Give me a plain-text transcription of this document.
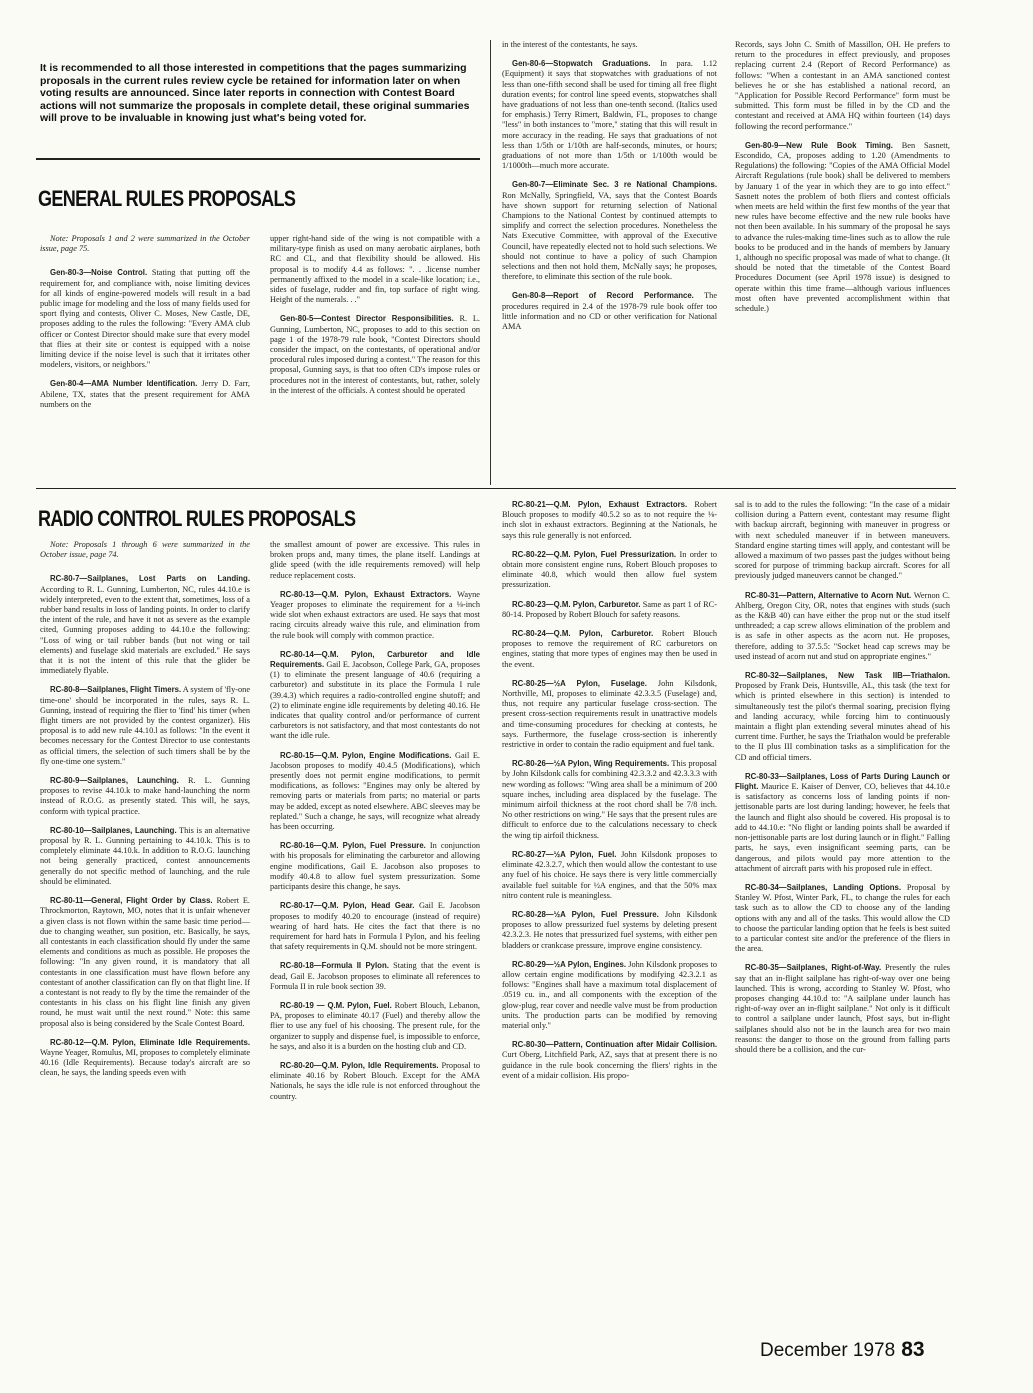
It is recommended to all those interested in competitions that the pages summarizing proposals in the current rules review cycle be retained for information later on when voting results are announced. Since later reports in connection with Contest Board actions will not summarize the proposals in complete detail, these original summaries will prove to be invaluable in knowing just what's being voted for.
GENERAL RULES PROPOSALS

Note: Proposals 1 and 2 were summarized in the October issue, page 75.

Gen-80-3—Noise Control. Stating that putting off the requirement for, and compliance with, noise limiting devices for all kinds of engine-powered models will result in a bad public image for modeling and the loss of many fields used for sport flying and contests, Oliver C. Moses, New Castle, DE, proposes adding to the rules the following: "Every AMA club officer or Contest Director should make sure that every model that flies at their site or contest is equipped with a noise limiting device if the noise level is such that it irritates other modelers, visitors, or neighbors."

Gen-80-4—AMA Number Identification. Jerry D. Farr, Abilene, TX, states that the present requirement for AMA numbers on the

upper right-hand side of the wing is not compatible with a military-type finish as used on many aerobatic airplanes, both RC and CL, and that flexibility should be allowed. His proposal is to modify 4.4 as follows: ". . .license number permanently affixed to the model in a scale-like location; i.e., sides of fuselage, rudder and fin, top surface of right wing. Height of the numerals. . ."

Gen-80-5—Contest Director Responsibilities. R. L. Gunning, Lumberton, NC, proposes to add to this section on page 1 of the 1978-79 rule book, "Contest Directors should consider the impact, on the contestants, of operational and/or procedural rules imposed during a contest." The reason for this proposal, Gunning says, is that too often CD's impose rules or procedures not in the interest of contestants, but, rather, solely in the interest of the officials. A contest should be operated

in the interest of the contestants, he says.

Gen-80-6—Stopwatch Graduations. In para. 1.12 (Equipment) it says that stopwatches with graduations of not less than one-fifth second shall be used for timing all free flight duration events; for control line speed events, stopwatches shall have graduations of not less than one-tenth second. (Italics used for emphasis.) Terry Rimert, Baldwin, FL, proposes to change "less" in both instances to "more," stating that this will result in more accuracy in the reading. He says that graduations of not less than 1/5th or 1/10th are half-seconds, minutes, or hours; graduations of not more than 1/5th or 1/100th would be 1/1000th—much more accurate.

Gen-80-7—Eliminate Sec. 3 re National Champions. Ron McNally, Springfield, VA, says that the Contest Boards have shown support for returning selection of National Champions to the National Contest by continued attempts to simplify and correct the selection procedures. Nonetheless the Nats Executive Committee, with approval of the Executive Council, have repeatedly elected not to hold such selections. We should not continue to have a policy of such Champion selections and then not hold them, McNally says; he proposes, therefore, to eliminate this section of the rule book.

Gen-80-8—Report of Record Performance. The procedures required in 2.4 of the 1978-79 rule book offer too little information and no CD or other verification for National AMA

Records, says John C. Smith of Massillon, OH. He prefers to return to the procedures in effect previously, and proposes replacing current 2.4 (Report of Record Performance) as follows: "When a contestant in an AMA sanctioned contest believes he or she has established a national record, an "Application for Possible Record Performance" form must be submitted. This form must be filled in by the CD and the contestant and received at AMA HQ within fourteen (14) days following the record performance."

Gen-80-9—New Rule Book Timing. Ben Sasnett, Escondido, CA, proposes adding to 1.20 (Amendments to Regulations) the following: "Copies of the AMA Official Model Aircraft Regulations (rule book) shall be delivered to members by January 1 of the year in which they are to go into effect." Sasnett notes the problem of both fliers and contest officials when meets are held within the first few months of the year that new rules have become effective and the new rule books have not then been available. In his summary of the proposal he says to advance the rules-making time-lines such as to allow the rule books to be produced and in the hands of members by January 1, although no specific proposal was made of what to change. (It should be noted that the timetable of the Contest Board Procedures Document (see April 1978 issue) is designed to operate within this time frame—although various influences most often have prevented accomplishment within that schedule.)

RADIO CONTROL RULES PROPOSALS

Note: Proposals 1 through 6 were summarized in the October issue, page 74.

RC-80-7—Sailplanes, Lost Parts on Landing. According to R. L. Gunning, Lumberton, NC, rules 44.10.e is widely interpreted, even to the extent that, sometimes, loss of a rubber band results in loss of landing points. In order to clarify the intent of the rule, and have it not as severe as the example cited, Gunning proposes adding to 44.10.e the following: "Loss of wing or tail rubber bands (but not wing or tail elements) and fuselage skid materials are excluded." He says that it is not the intent of this rule that the glider be immediately flyable.

RC-80-8—Sailplanes, Flight Timers. A system of 'fly-one time-one' should be incorporated in the rules, says R. L. Gunning, instead of requiring the flier to 'find' his timer (when flight timers are not provided by the contest organizer). His proposal is to add new rule 44.10.l as follows: "In the event it becomes necessary for the Contest Director to use contestants as official timers, the selection of such timers shall be by the fly one-time one system."

RC-80-9—Sailplanes, Launching. R. L. Gunning proposes to revise 44.10.k to make hand-launching the norm instead of R.O.G. as presently stated. This will, he says, conform with typical practice.

RC-80-10—Sailplanes, Launching. This is an alternative proposal by R. L. Gunning pertaining to 44.10.k. This is to completely eliminate 44.10.k. In addition to R.O.G. launching not being generally practiced, contest announcements generally do not specific method of launching, and the rule should be eliminated.

RC-80-11—General, Flight Order by Class. Robert E. Throckmorton, Raytown, MO, notes that it is unfair whenever a given class is not flown within the same basic time period—due to changing weather, sun position, etc. Basically, he says, all contestants in each classification should fly under the same elements and conditions as much as possible. He proposes the following: "In any given round, it is mandatory that all contestants in one classification must have flown before any contestant of another classification can fly on that flight line. If a contestant is not ready to fly by the time the remainder of the contestants in his class on his flight line finish any given round, he must wait until the next round." Note: this same proposal also is being considered by the Scale Contest Board.

RC-80-12—Q.M. Pylon, Eliminate Idle Requirements. Wayne Yeager, Romulus, MI, proposes to completely eliminate 40.16 (Idle Requirements). Because today's aircraft are so clean, he says, the landing speeds even with

the smallest amount of power are excessive. This rules in broken props and, many times, the plane itself. Landings at glide speed (with the idle requirements removed) will help reduce replacement costs.

RC-80-13—Q.M. Pylon, Exhaust Extractors. Wayne Yeager proposes to eliminate the requirement for a ⅛-inch wide slot when exhaust extractors are used. He says that most racing circuits already waive this rule, and elimination from the rule book will comply with common practice.

RC-80-14—Q.M. Pylon, Carburetor and Idle Requirements. Gail E. Jacobson, College Park, GA, proposes (1) to eliminate the present language of 40.6 (requiring a carburetor) and substitute in its place the Formula I rule (39.4.3) which requires a radio-controlled engine shutoff; and (2) to eliminate engine idle requirements by deleting 40.16. He indicates that quality control and/or performance of current carburetors is not satisfactory, and that most contestants do not want the idle rule.

RC-80-15—Q.M. Pylon, Engine Modifications. Gail E. Jacobson proposes to modify 40.4.5 (Modifications), which presently does not permit engine modifications, to permit modifications, as follows: "Engines may only be altered by removing parts or materials from parts; no material or parts may be added, except as noted elsewhere. ABC sleeves may be replated." Such a change, he says, will recognize what already has been occurring.

RC-80-16—Q.M. Pylon, Fuel Pressure. In conjunction with his proposals for eliminating the carburetor and allowing engine modifications, Gail E. Jacobson also proposes to modify 40.4.8 to allow fuel system pressurization. Some participants desire this change, he says.

RC-80-17—Q.M. Pylon, Head Gear. Gail E. Jacobson proposes to modify 40.20 to encourage (instead of require) wearing of hard hats. He cites the fact that there is no requirement for hard hats in Formula I Pylon, and his feeling that safety requirements in Q.M. should not be more stringent.

RC-80-18—Formula II Pylon. Stating that the event is dead, Gail E. Jacobson proposes to eliminate all references to Formula II in rule book section 39.

RC-80-19 — Q.M. Pylon, Fuel. Robert Blouch, Lebanon, PA, proposes to eliminate 40.17 (Fuel) and thereby allow the flier to use any fuel of his choosing. The present rule, for the organizer to supply and dispense fuel, is impossible to enforce, he says, and also it is a burden on the hosting club and CD.

RC-80-20—Q.M. Pylon, Idle Requirements. Proposal to eliminate 40.16 by Robert Blouch. Except for the AMA Nationals, he says the idle rule is not enforced throughout the country.

RC-80-21—Q.M. Pylon, Exhaust Extractors. Robert Blouch proposes to modify 40.5.2 so as to not require the ⅛-inch slot in exhaust extractors. Beginning at the Nationals, he says this rule generally is not enforced.

RC-80-22—Q.M. Pylon, Fuel Pressurization. In order to obtain more consistent engine runs, Robert Blouch proposes to eliminate 40.8, which would then allow fuel system pressurization.

RC-80-23—Q.M. Pylon, Carburetor. Same as part 1 of RC-80-14. Proposed by Robert Blouch for safety reasons.

RC-80-24—Q.M. Pylon, Carburetor. Robert Blouch proposes to remove the requirement of RC carburetors on engines, stating that more types of engines may then be used in the event.

RC-80-25—½A Pylon, Fuselage. John Kilsdonk, Northville, MI, proposes to eliminate 42.3.3.5 (Fuselage) and, thus, not require any particular fuselage cross-section. The present cross-section requirements result in unattractive models and time-consuming procedures for checking at contests, he says. Furthermore, the fuselage cross-section is inherently restrictive in order to contain the radio equipment and fuel tank.

RC-80-26—½A Pylon, Wing Requirements. This proposal by John Kilsdonk calls for combining 42.3.3.2 and 42.3.3.3 with new wording as follows: "Wing area shall be a minimum of 200 square inches, including area displaced by the fuselage. The minimum airfoil thickness at the root chord shall be 7/8 inch. No other restrictions on wing." He says that the present rules are difficult to enforce due to the calculations necessary to check the wing tip airfoil thickness.

RC-80-27—½A Pylon, Fuel. John Kilsdonk proposes to eliminate 42.3.2.7, which then would allow the contestant to use any fuel of his choice. He says there is very little commercially available fuel suitable for ½A engines, and that the 50% max nitro content rule is meaningless.

RC-80-28—½A Pylon, Fuel Pressure. John Kilsdonk proposes to allow pressurized fuel systems by deleting present 42.3.2.3. He notes that pressurized fuel systems, with either pen bladders or crankcase pressure, improve engine consistency.

RC-80-29—½A Pylon, Engines. John Kilsdonk proposes to allow certain engine modifications by modifying 42.3.2.1 as follows: "Engines shall have a maximum total displacement of .0519 cu. in., and all components with the exception of the glow-plug, rear cover and needle valve must be from production units. The production parts can be modified by removing material only."

RC-80-30—Pattern, Continuation after Midair Collision. Curt Oberg, Litchfield Park, AZ, says that at present there is no guidance in the rule book concerning the fliers' rights in the event of a midair collision. His propo-

sal is to add to the rules the following: "In the case of a midair collision during a Pattern event, contestant may resume flight with backup aircraft, beginning with maneuver in progress or with next scheduled maneuver if in between maneuvers. Standard engine starting times will apply, and contestant will be allowed a maximum of two passes past the judges without being scored for purpose of trimming backup aircraft. Scores for all previously judged maneuvers cannot be changed."

RC-80-31—Pattern, Alternative to Acorn Nut. Wernon C. Ahlberg, Oregon City, OR, notes that engines with studs (such as the K&B 40) can have either the prop nut or the stud itself unthreaded; a cap screw allows elimination of the problem and is as safe in other aspects as the acorn nut. He proposes, therefore, adding to 37.5.5: "Socket head cap screws may be used instead of acorn nut and stud on appropriate engines."

RC-80-32—Sailplanes, New Task IIB—Triathalon. Proposed by Frank Deis, Huntsville, AL, this task (the text for which is printed elsewhere in this section) is intended to simultaneously test the pilot's thermal soaring, precision flying and landing accuracy, while forcing him to continuously maintain a flight plan extending several minutes ahead of his current time. Further, he says the Triathalon would be preferable to the II plus III combination tasks as a simplification for the CD and official timers.

RC-80-33—Sailplanes, Loss of Parts During Launch or Flight. Maurice E. Kaiser of Denver, CO, believes that 44.10.e is satisfactory as concerns loss of landing points if non-jettisonable parts are lost during landing; however, he feels that the launch and flight also should be covered. His proposal is to add to 44.10.e: "No flight or landing points shall be awarded if non-jettisonable parts are lost during launch or in flight." Falling parts, he says, even insignificant seeming parts, can be dangerous, and pilots would pay more attention to the attachment of aircraft parts with his proposed rule in effect.

RC-80-34—Sailplanes, Landing Options. Proposal by Stanley W. Pfost, Winter Park, FL, to change the rules for each task such as to allow the CD to choose any of the landing options with any and all of the tasks. This would allow the CD to choose the particular landing option that he feels is best suited to a particular contest site and/or the preference of the fliers in the area.

RC-80-35—Sailplanes, Right-of-Way. Presently the rules say that an in-flight sailplane has right-of-way over one being launched. This is wrong, according to Stanley W. Pfost, who proposes changing 44.10.d to: "A sailplane under launch has right-of-way over an in-flight sailplane." Not only is it difficult to control a sailplane under launch, Pfost says, but in-flight sailplanes should also not be in the launch area for two main reasons: the danger to those on the ground from falling parts should there be a collision, and the cur-

December 1978 83
